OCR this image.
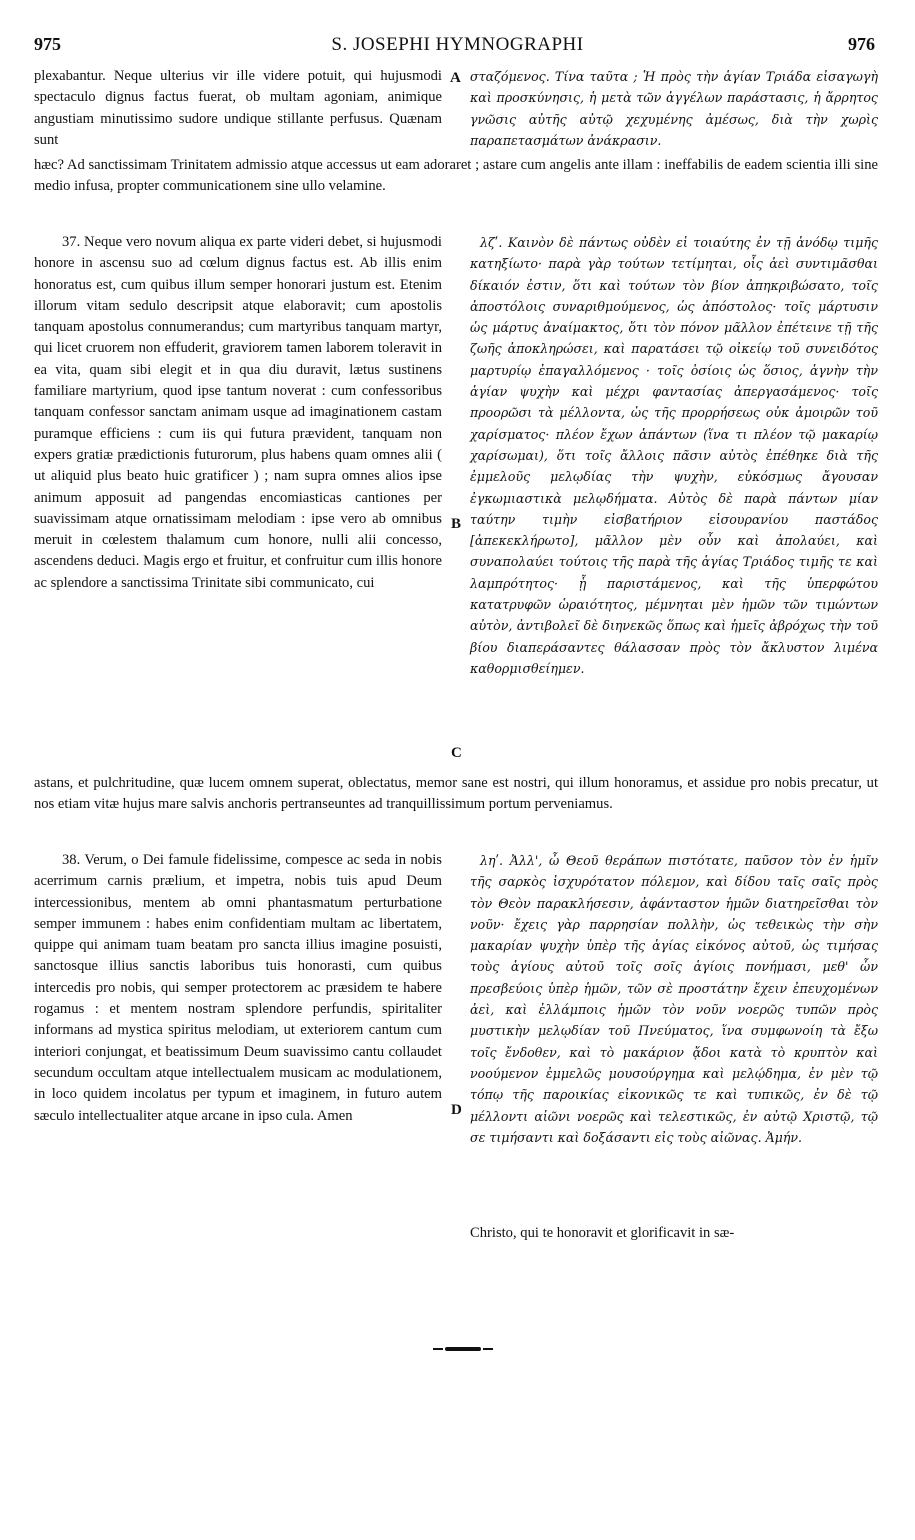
975	S. JOSEPHI HYMNOGRAPHI	976
plexabantur. Neque ulterius vir ille videre potuit, qui hujusmodi spectaculo dignus factus fuerat, ob multam agoniam, animique angustiam minutissimo sudore undique stillante perfusus. Quænam sunt
A σταζόμενος. Τίνα ταῦτα ; Ἡ πρὸς τὴν ἁγίαν Τριάδα εἰσαγωγὴ καὶ προσκύνησις, ἡ μετὰ τῶν ἀγγέλων παράστασις, ἡ ἄρρητος γνῶσις αὐτῆς αὐτῷ χεχυμένης ἀμέσως, διὰ τὴν χωρὶς παραπετασμάτων ἀνάκρασιν.
hæc? Ad sanctissimam Trinitatem admissio atque accessus ut eam adoraret ; astare cum angelis ante illam : ineffabilis de eadem scientia illi sine medio infusa, propter communicationem sine ullo velamine.
37. Neque vero novum aliqua ex parte videri debet, si hujusmodi honore in ascensu suo ad cœlum dignus factus est. Ab illis enim honoratus est, cum quibus illum semper honorari justum est. Etenim illorum vitam sedulo descripsit atque elaboravit; cum apostolis tanquam apostolus connumerandus; cum martyribus tanquam martyr, qui licet cruorem non effuderit, graviorem tamen laborem toleravit in ea vita, quam sibi elegit et in qua diu duravit, lætus sustinens familiare martyrium, quod ipse tantum noverat : cum confessoribus tanquam confessor sanctam animam usque ad imaginationem castam puramque efficiens : cum iis qui futura prævident, tanquam non expers gratiæ prædictionis futurorum, plus habens quam omnes alii ( ut aliquid plus beato huic gratificer ) ; nam supra omnes alios ipse animum apposuit ad pangendas encomiasticas cantiones per suavissimam atque ornatissimam melodiam : ipse vero ab omnibus meruit in cœlestem thalamum cum honore, nulli alii concesso, ascendens deduci. Magis ergo et fruitur, et confruitur cum illis honore ac splendore a sanctissima Trinitate sibi communicato, cui
B
C
λζʹ. Καινὸν δὲ πάντως οὐδὲν εἰ τοιαύτης ἐν τῇ ἀνόδῳ τιμῆς κατηξίωτο· παρὰ γὰρ τούτων τετίμηται, οἷς ἀεὶ συντιμᾶσθαι δίκαιόν ἐστιν, ὅτι καὶ τούτων τὸν βίον ἀπηκριβώσατο, τοῖς ἀποστόλοις συναριθμούμενος, ὡς ἀπόστολος· τοῖς μάρτυσιν ὡς μάρτυς ἀναίμακτος, ὅτι τὸν πόνον μᾶλλον ἐπέτεινε τῇ τῆς ζωῆς ἀποκληρώσει, καὶ παρατάσει τῷ οἰκείῳ τοῦ συνειδότος μαρτυρίῳ ἐπαγαλλόμενος · τοῖς ὁσίοις ὡς ὅσιος, ἁγνὴν τὴν ἁγίαν ψυχὴν καὶ μέχρι φαντασίας ἀπεργασάμενος· τοῖς προορῶσι τὰ μέλλοντα, ὡς τῆς προρρήσεως οὐκ ἀμοιρῶν τοῦ χαρίσματος· πλέον ἔχων ἁπάντων (ἵνα τι πλέον τῷ μακαρίῳ χαρίσωμαι), ὅτι τοῖς ἄλλοις πᾶσιν αὐτὸς ἐπέθηκε διὰ τῆς ἐμμελοῦς μελῳδίας τὴν ψυχὴν, εὐκόσμως ἄγουσαν ἐγκωμιαστικὰ μελῳδήματα. Αὐτὸς δὲ παρὰ πάντων μίαν ταύτην τιμὴν εἰσβατήριον εἰσουρανίου παστάδος [ἀπεκεκλήρωτο], μᾶλλον μὲν οὖν καὶ ἀπολαύει, καὶ συναπολαύει τούτοις τῆς παρὰ τῆς ἁγίας Τριάδος τιμῆς τε καὶ λαμπρότητος· ᾗ παριστάμενος, καὶ τῆς ὑπερφώτου κατατρυφῶν ὡραιότητος, μέμνηται μὲν ἡμῶν τῶν τιμώντων αὐτὸν, ἀντιβολεῖ δὲ διηνεκῶς ὅπως καὶ ἡμεῖς ἀβρόχως τὴν τοῦ βίου διαπεράσαντες θάλασσαν πρὸς τὸν ἄκλυστον λιμένα καθορμισθείημεν.
astans, et pulchritudine, quæ lucem omnem superat, oblectatus, memor sane est nostri, qui illum honoramus, et assidue pro nobis precatur, ut nos etiam vitæ hujus mare salvis anchoris pertranseuntes ad tranquillissimum portum perveniamus.
38. Verum, o Dei famule fidelissime, compesce ac seda in nobis acerrimum carnis prælium, et impetra, nobis tuis apud Deum intercessionibus, mentem ab omni phantasmatum perturbatione semper immunem : habes enim confidentiam multam ac libertatem, quippe qui animam tuam beatam pro sancta illius imagine posuisti, sanctosque illius sanctis laboribus tuis honorasti, cum quibus intercedis pro nobis, qui semper protectorem ac præsidem te habere rogamus : et mentem nostram splendore perfundis, spiritaliter informans ad mystica spiritus melodiam, ut exteriorem cantum cum interiori conjungat, et beatissimum Deum suavissimo cantu collaudet secundum occultam atque intellectualem musicam ac modulationem, in loco quidem incolatus per typum et imaginem, in futuro autem sæculo intellectualiter atque arcane in ipso cula. Amen	D
ληʹ. Ἀλλ', ὦ Θεοῦ θεράπων πιστότατε, παῦσον τὸν ἐν ἡμῖν τῆς σαρκὸς ἰσχυρότατον πόλεμον, καὶ δίδου ταῖς σαῖς πρὸς τὸν Θεὸν παρακλήσεσιν, ἀφάνταστον ἡμῶν διατηρεῖσθαι τὸν νοῦν· ἔχεις γὰρ παρρησίαν πολλὴν, ὡς τεθεικὼς τὴν σὴν μακαρίαν ψυχὴν ὑπὲρ τῆς ἁγίας εἰκόνος αὐτοῦ, ὡς τιμήσας τοὺς ἁγίους αὐτοῦ τοῖς σοῖς ἁγίοις πονήμασι, μεθ' ὧν πρεσβεύοις ὑπὲρ ἡμῶν, τῶν σὲ προστάτην ἔχειν ἐπευχομένων ἀεὶ, καὶ ἐλλάμποις ἡμῶν τὸν νοῦν νοερῶς τυπῶν πρὸς μυστικὴν μελῳδίαν τοῦ Πνεύματος, ἵνα συμφωνοίη τὰ ἔξω τοῖς ἔνδοθεν, καὶ τὸ μακάριον ᾄδοι κατὰ τὸ κρυπτὸν καὶ νοούμενον ἐμμελῶς μουσούργημα καὶ μελῴδημα, ἐν μὲν τῷ τόπῳ τῆς παροικίας εἰκονικῶς τε καὶ τυπικῶς, ἐν δὲ τῷ μέλλοντι αἰῶνι νοερῶς καὶ τελεστικῶς, ἐν αὐτῷ Χριστῷ, τῷ σε τιμήσαντι καὶ δοξάσαντι εἰς τοὺς αἰῶνας. Ἀμήν.
Christo, qui te honoravit et glorificavit in sæ-
